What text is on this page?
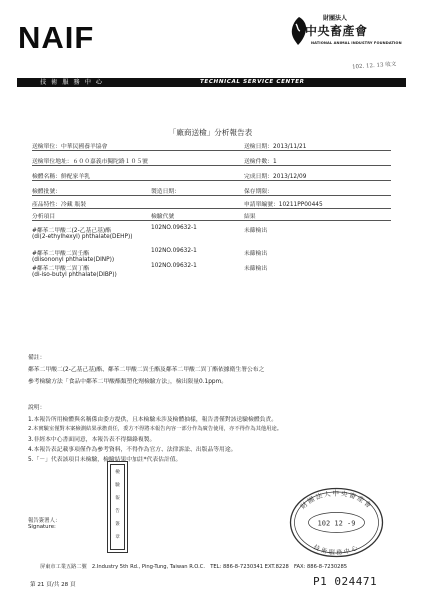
NAIF
財團法人
中央畜產會
NATIONAL ANIMAL INDUSTRY FOUNDATION
102. 12. 13 收文
技術服務中心	TECHNICAL SERVICE CENTER
「廠商送檢」分析報告表
送檢單位：中華民國養羊協會
送檢單位地址：６００嘉義市獨陀路１０５號
檢體名稱：鮮配家羊乳
檢體批號：
產品特性：冷藏 瓶裝
製造日期：
送檢日期：2013/11/21
送檢件數：1
完成日期：2013/12/09
保存期限：
申請單編號：10211PP00445
分析項目	檢驗代號	結果
#鄰苯二甲酸二(2-乙基己基)酯
(di(2-ethylhexyl) phthalate(DEHP))
102NO.09632-1	未篩檢出
#鄰苯二甲酸二異壬酯
(diisononyl phthalate(DINP))
102NO.09632-1	未篩檢出
#鄰苯二甲酸二異丁酯
(di-iso-butyl phthalate(DIBP))
102NO.09632-1	未篩檢出
備註：
鄰苯二甲酸二(2-乙基己基)酯、鄰苯二甲酸二異壬酯及鄰苯二甲酸二異丁酯依據衛生署公布之
參考檢驗方法「食品中鄰苯二甲酸酯類塑化劑檢驗方法」，檢出限量0.1ppm。
說明：
1.本報告所用檢體與名稱係由委方提供，且本檢驗未涉及檢體抽樣，報告書僅對該送驗檢體負責。
2.本實驗室僅對本案檢測結果承擔責任，委方不得將本報告內容一部分作為廣告使用，亦不得作為其他用途。
3.非經本中心書面同意，本報告表不得擷錄複製。
4.本報告表記載事項僅作為參考資料，不得作為官方、法律訴訟、出版品等用途。
5.「－」代表該項目未檢驗，檢驗結果中加註*代表估計值。
檢
驗
報
告
簽
章
報告簽署人：
Signature:
財團法人中央畜產會
102 12 -9
技術服務中心
屏東市工業五路二號　2.Industry 5th Rd., Ping-Tung, Taiwan R.O.C.　TEL: 886-8-7230341 EXT.8228　FAX: 886-8-7230285
第 21 頁/共 28 頁	P1 024471
